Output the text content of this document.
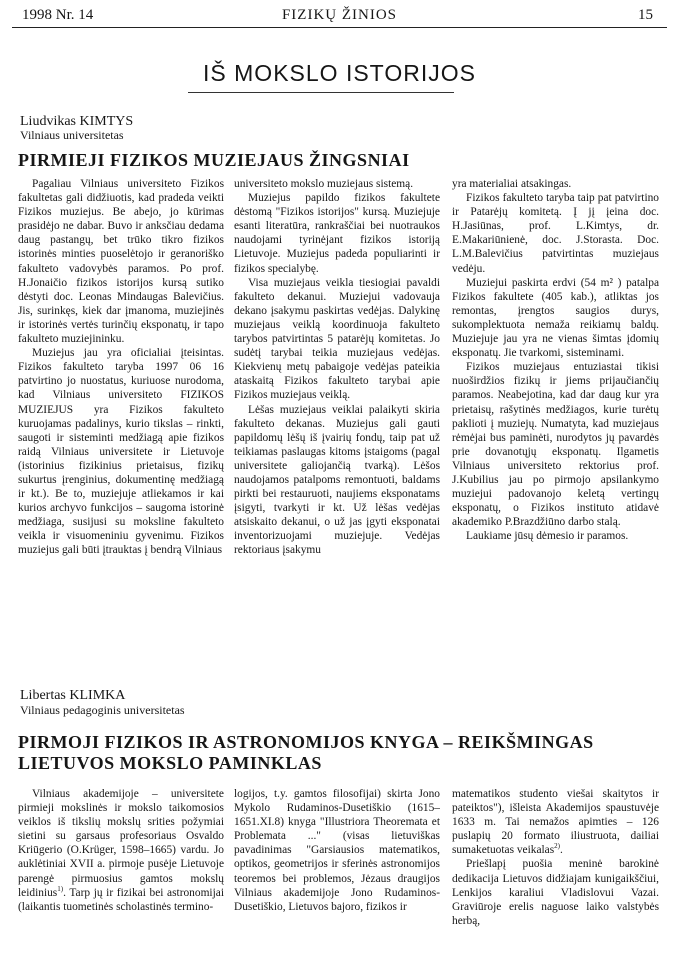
1998 Nr. 14	FIZIKŲ ŽINIOS	15
IŠ MOKSLO ISTORIJOS
Liudvikas KIMTYS
Vilniaus universitetas
PIRMIEJI FIZIKOS MUZIEJAUS ŽINGSNIAI

Pagaliau Vilniaus universiteto Fizikos fakultetas gali didžiuotis, kad pradeda veikti Fizikos muziejus. Be abejo, jo kūrimas prasidėjo ne dabar. Buvo ir anksčiau dedama daug pastangų, bet trūko tikro fizikos istorinės minties puoselėtojo ir geranoriško fakulteto vadovybės paramos. Po prof. H.Jonaičio fizikos istorijos kursą sutiko dėstyti doc. Leonas Mindaugas Balevičius. Jis, surinkęs, kiek dar įmanoma, muziejinės ir istorinės vertės turinčių eksponatų, ir tapo fakulteto muziejininku.

Muziejus jau yra oficialiai įteisintas. Fizikos fakulteto taryba 1997 06 16 patvirtino jo nuostatus, kuriuose nurodoma, kad Vilniaus universiteto FIZIKOS MUZIEJUS yra Fizikos fakulteto kuruojamas padalinys, kurio tikslas – rinkti, saugoti ir sisteminti medžiagą apie fizikos raidą Vilniaus universitete ir Lietuvoje (istorinius fizikinius prietaisus, fizikų sukurtus įrenginius, dokumentinę medžiagą ir kt.). Be to, muziejuje atliekamos ir kai kurios archyvo funkcijos – saugoma istorinė medžiaga, susijusi su moksline fakulteto veikla ir visuomeniniu gyvenimu. Fizikos muziejus gali būti įtrauktas į bendrą Vilniaus

universiteto mokslo muziejaus sistemą.

Muziejus papildo fizikos fakultete dėstomą "Fizikos istorijos" kursą. Muziejuje esanti literatūra, rankraščiai bei nuotraukos naudojami tyrinėjant fizikos istoriją Lietuvoje. Muziejus padeda populiarinti ir fizikos specialybę.

Visa muziejaus veikla tiesiogiai pavaldi fakulteto dekanui. Muziejui vadovauja dekano įsakymu paskirtas vedėjas. Dalykinę muziejaus veiklą koordinuoja fakulteto tarybos patvirtintas 5 patarėjų komitetas. Jo sudėtį tarybai teikia muziejaus vedėjas. Kiekvienų metų pabaigoje vedėjas pateikia ataskaitą Fizikos fakulteto tarybai apie Fizikos muziejaus veiklą.

Lėšas muziejaus veiklai palaikyti skiria fakulteto dekanas. Muziejus gali gauti papildomų lėšų iš įvairių fondų, taip pat už teikiamas paslaugas kitoms įstaigoms (pagal universitete galiojančią tvarką). Lėšos naudojamos patalpoms remontuoti, baldams pirkti bei restauruoti, naujiems eksponatams įsigyti, tvarkyti ir kt. Už lėšas vedėjas atsiskaito dekanui, o už jas įgyti eksponatai inventorizuojami muziejuje. Vedėjas rektoriaus įsakymu

yra materialiai atsakingas.

Fizikos fakulteto taryba taip pat patvirtino ir Patarėjų komitetą. Į jį įeina doc. H.Jasiūnas, prof. L.Kimtys, dr. E.Makariūnienė, doc. J.Storasta. Doc. L.M.Balevičius patvirtintas muziejaus vedėju.

Muziejui paskirta erdvi (54 m² ) patalpa Fizikos fakultete (405 kab.), atliktas jos remontas, įrengtos saugios durys, sukomplektuota nemaža reikiamų baldų. Muziejuje jau yra ne vienas šimtas įdomių eksponatų. Jie tvarkomi, sisteminami.

Fizikos muziejaus entuziastai tikisi nuoširdžios fizikų ir jiems prijaučiančių paramos. Neabejotina, kad dar daug kur yra prietaisų, rašytinės medžiagos, kurie turėtų paklioti į muziejų. Numatyta, kad muziejaus rėmėjai bus paminėti, nurodytos jų pavardės prie dovanotųjų eksponatų. Ilgametis Vilniaus universiteto rektorius prof. J.Kubilius jau po pirmojo apsilankymo muziejui padovanojo keletą vertingų eksponatų, o Fizikos instituto atidavė akademiko P.Brazdžiūno darbo stalą.

Laukiame jūsų dėmesio ir paramos.

Libertas KLIMKA
Vilniaus pedagoginis universitetas
PIRMOJI FIZIKOS IR ASTRONOMIJOS KNYGA – REIKŠMINGAS
LIETUVOS MOKSLO PAMINKLAS

Vilniaus akademijoje – universitete pirmieji mokslinės ir mokslo taikomosios veiklos iš tikslių mokslų srities požymiai sietini su garsaus profesoriaus Osvaldo Kriūgerio (O.Krüger, 1598–1665) vardu. Jo auklėtiniai XVII a. pirmoje pusėje Lietuvoje parengė pirmuosius gamtos mokslų leidinius$^{1)}$. Tarp jų ir fizikai bei astronomijai (laikantis tuometinės scholastinės termino-

logijos, t.y. gamtos filosofijai) skirta Jono Mykolo Rudaminos-Dusetiškio (1615–1651.XI.8) knyga "Illustriora Theoremata et Problemata ..." (visas lietuviškas pavadinimas "Garsiausios matematikos, optikos, geometrijos ir sferinės astronomijos teoremos bei problemos, Jėzaus draugijos Vilniaus akademijoje Jono Rudaminos-Dusetiškio, Lietuvos bajoro, fizikos ir

matematikos studento viešai skaitytos ir pateiktos"), išleista Akademijos spaustuvėje 1633 m. Tai nemažos apimties – 126 puslapių 20 formato iliustruota, dailiai sumaketuotas veikalas$^{2)}$.

Priešlapį puošia meninė barokinė dedikacija Lietuvos didžiajam kunigaikščiui, Lenkijos karaliui Vladislovui Vazai. Graviūroje erelis naguose laiko valstybės herbą,
